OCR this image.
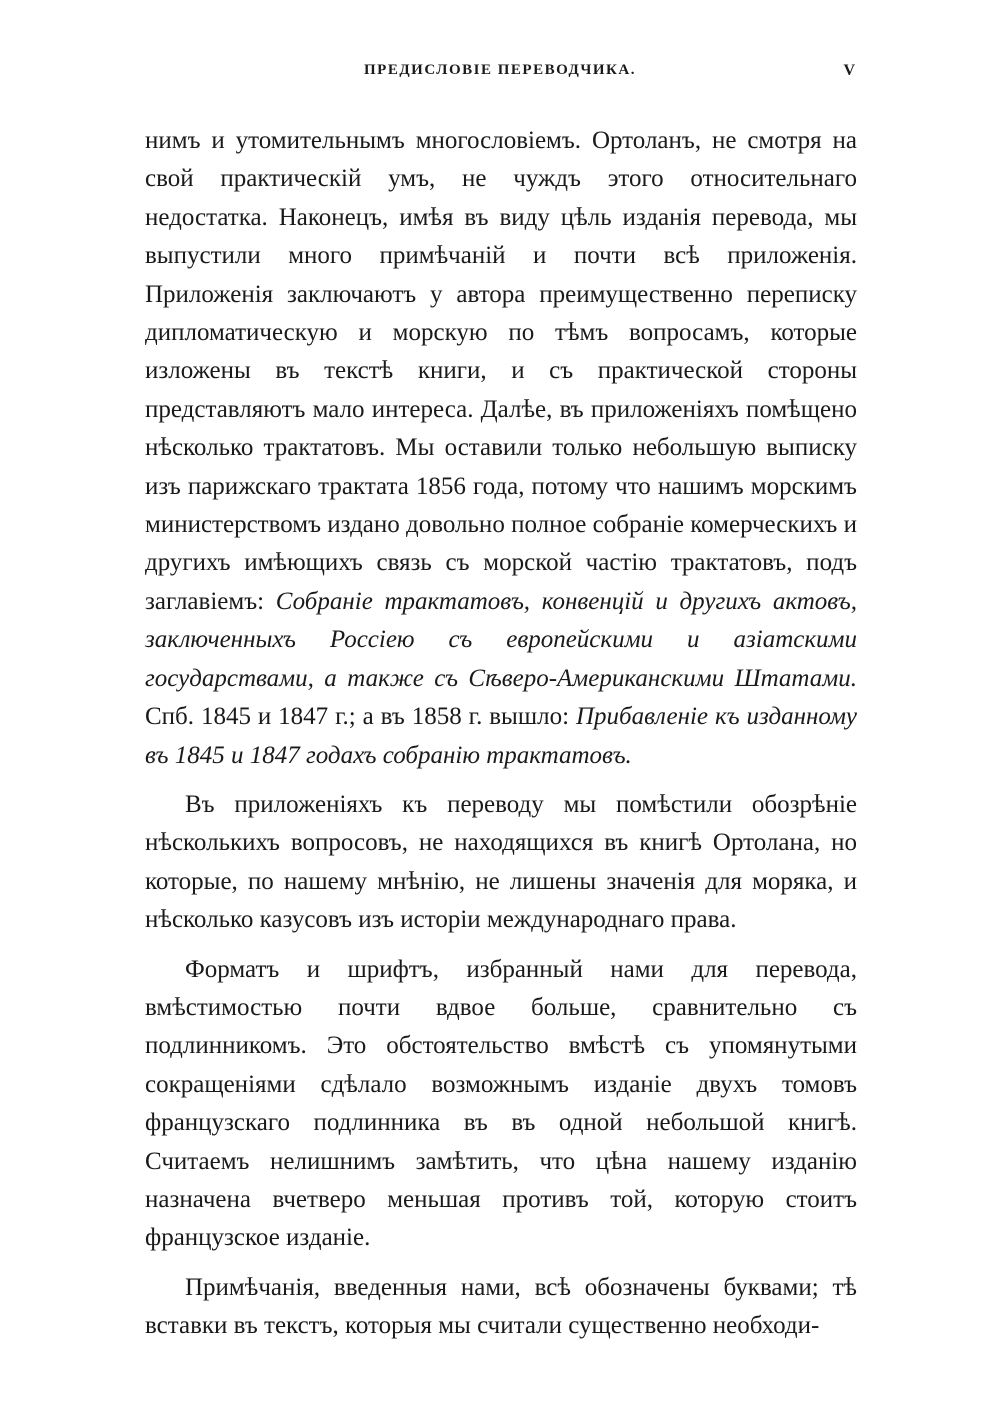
ПРЕДИСЛОВІЕ ПЕРЕВОДЧИКА.	V

нимъ и утомительнымъ многословіемъ. Ортоланъ, не смотря на свой практическій умъ, не чуждъ этого относительнаго недостатка. Наконецъ, имѣя въ виду цѣль изданія перевода, мы выпустили много примѣчаній и почти всѣ приложенія. Приложенія заключаютъ у автора преимущественно переписку дипломатическую и морскую по тѣмъ вопросамъ, которые изложены въ текстѣ книги, и съ практической стороны представляютъ мало интереса. Далѣе, въ приложеніяхъ помѣщено нѣсколько трактатовъ. Мы оставили только небольшую выписку изъ парижскаго трактата 1856 года, потому что нашимъ морскимъ министерствомъ издано довольно полное собраніе комерческихъ и другихъ имѣющихъ связь съ морской частію трактатовъ, подъ заглавіемъ: Собраніе трактатовъ, конвенцій и другихъ актовъ, заключенныхъ Россіею съ европейскими и азіатскими государствами, а также съ Сѣверо-Американскими Штатами. Спб. 1845 и 1847 г.; а въ 1858 г. вышло: Прибавленіе къ изданному въ 1845 и 1847 годахъ собранію трактатовъ.

Въ приложеніяхъ къ переводу мы помѣстили обозрѣніе нѣсколькихъ вопросовъ, не находящихся въ книгѣ Ортолана, но которые, по нашему мнѣнію, не лишены значенія для моряка, и нѣсколько казусовъ изъ исторіи международнаго права.

Форматъ и шрифтъ, избранный нами для перевода, вмѣстимостью почти вдвое больше, сравнительно съ подлинникомъ. Это обстоятельство вмѣстѣ съ упомянутыми сокращеніями сдѣлало возможнымъ изданіе двухъ томовъ французскаго подлинника въ въ одной небольшой книгѣ. Считаемъ нелишнимъ замѣтить, что цѣна нашему изданію назначена вчетверо меньшая противъ той, которую стоитъ французское изданіе.

Примѣчанія, введенныя нами, всѣ обозначены буквами; тѣ вставки въ текстъ, которыя мы считали существенно необходи-
